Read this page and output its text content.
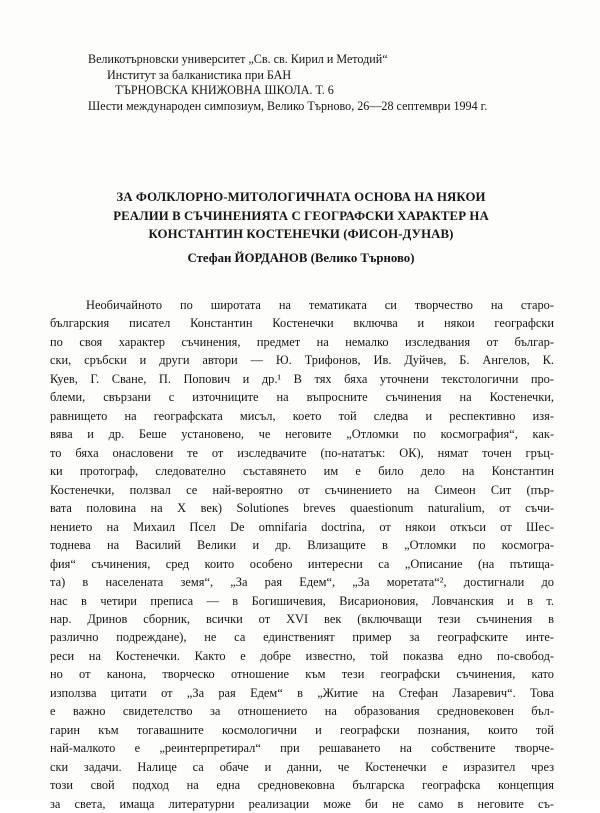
Великотърновски университет „Св. св. Кирил и Методий“
Институт за балканистика при БАН
ТЪРНОВСКА КНИЖОВНА ШКОЛА. Т. 6
Шести международен симпозиум, Велико Търново, 26—28 септември 1994 г.
ЗА ФОЛКЛОРНО-МИТОЛОГИЧНАТА ОСНОВА НА НЯКОИ
РЕАЛИИ В СЪЧИНЕНИЯТА С ГЕОГРАФСКИ ХАРАКТЕР НА
КОНСТАНТИН КОСТЕНЕЧКИ (ФИСОН-ДУНАВ)
Стефан ЙОРДАНОВ (Велико Търново)
Необичайното по широтата на тематиката си творчество на старо-
българския писател Константин Костенечки включва и някои географски
по своя характер съчинения, предмет на немалко изследвания от българ-
ски, сръбски и други автори — Ю. Трифонов, Ив. Дуйчев, Б. Ангелов, К.
Куев, Г. Сване, П. Попович и др.¹ В тях бяха уточнени текстологични про-
блеми, свързани с източниците на въпросните съчинения на Костенечки,
равнището на географската мисъл, което той следва и респективно изя-
вява и др. Беше установено, че неговите „Отломки по космография“, как-
то бяха онасловени те от изследвачите (по-нататък: ОК), нямат точен гръц-
ки протограф, следователно съставянето им е било дело на Константин
Костенечки, ползвал се най-вероятно от съчинението на Симеон Сит (пър-
вата половина на X век) Solutiones breves quaestionum naturalium, от съчи-
нението на Михаил Псел De omnifaria doctrina, от някои откъси от Шес-
тоднева на Василий Велики и др. Влизащите в „Отломки по космогра-
фия“ съчинения, сред които особено интересни са „Описание (на пътища-
та) в населената земя“, „За рая Едем“, „За моретата“², достигнали до
нас в четири преписа — в Богишичевия, Висарионовия, Ловчанския и в т.
нар. Дринов сборник, всички от XVI век (включващи тези съчинения в
различно подреждане), не са единственият пример за географските инте-
реси на Костенечки. Както е добре известно, той показва едно по-свобод-
но от канона, творческо отношение към тези географски съчинения, като
използва цитати от „За рая Едем“ в „Житие на Стефан Лазаревич“. Това
е важно свидетелство за отношението на образования средновековен бъл-
гарин към тогавашните космологични и географски познания, които той
най-малкото е „реинтерпретирал“ при решаването на собствените творче-
ски задачи. Налице са обаче и данни, че Костенечки е изразител чрез
този свой подход на една средновековна българска географска концепция
за света, имаща литературни реализации може би не само в неговите съ-
